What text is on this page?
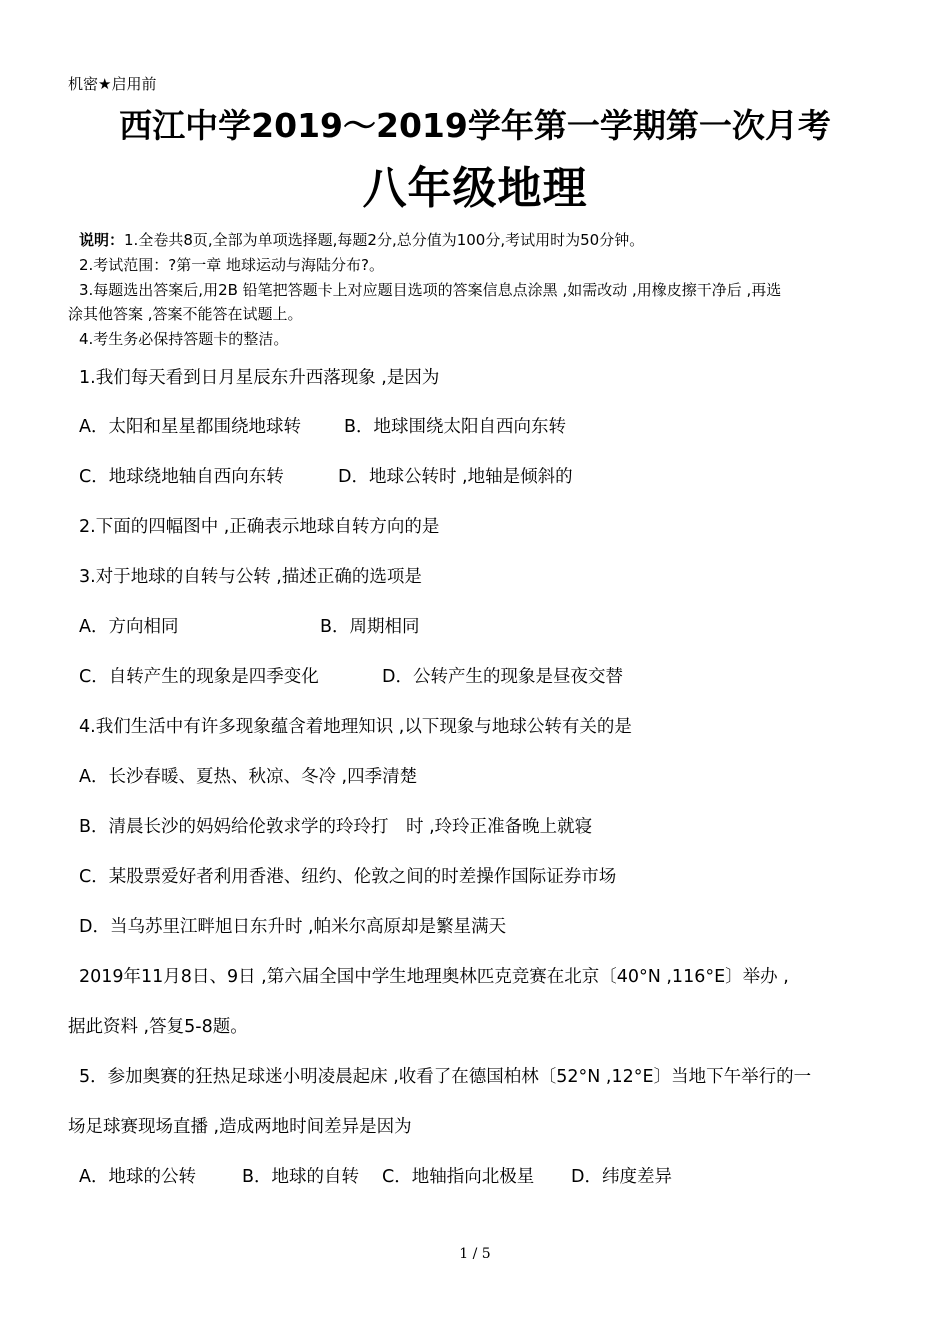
机密★启用前
西江中学2019～2019学年第一学期第一次月考
八年级地理
说明：1.全卷共8页,全部为单项选择题,每题2分,总分值为100分,考试用时为50分钟。
2.考试范围：?第一章 地球运动与海陆分布?。
3.每题选出答案后,用2B 铅笔把答题卡上对应题目选项的答案信息点涂黑 ,如需改动 ,用橡皮擦干净后 ,再选
涂其他答案 ,答案不能答在试题上。
4.考生务必保持答题卡的整洁。
1.我们每天看到日月星辰东升西落现象 ,是因为
A．太阳和星星都围绕地球转 B．地球围绕太阳自西向东转
C．地球绕地轴自西向东转	D．地球公转时 ,地轴是倾斜的
2.下面的四幅图中 ,正确表示地球自转方向的是
3.对于地球的自转与公转 ,描述正确的选项是
A．方向相同	B．周期相同
C．自转产生的现象是四季变化	D．公转产生的现象是昼夜交替
4.我们生活中有许多现象蕴含着地理知识 ,以下现象与地球公转有关的是
A．长沙春暖、夏热、秋凉、冬冷 ,四季清楚
B．清晨长沙的妈妈给伦敦求学的玲玲打　时 ,玲玲正准备晚上就寝
C．某股票爱好者利用香港、纽约、伦敦之间的时差操作国际证券市场
D．当乌苏里江畔旭日东升时 ,帕米尔高原却是繁星满天
2019年11月8日、9日 ,第六届全国中学生地理奥林匹克竞赛在北京〔40°N ,116°E〕举办 ,
据此资料 ,答复5-8题。
5．参加奥赛的狂热足球迷小明凌晨起床 ,收看了在德国柏林〔52°N ,12°E〕当地下午举行的一
场足球赛现场直播 ,造成两地时间差异是因为
A．地球的公转	B．地球的自转 C．地轴指向北极星 D．纬度差异
1 / 5
